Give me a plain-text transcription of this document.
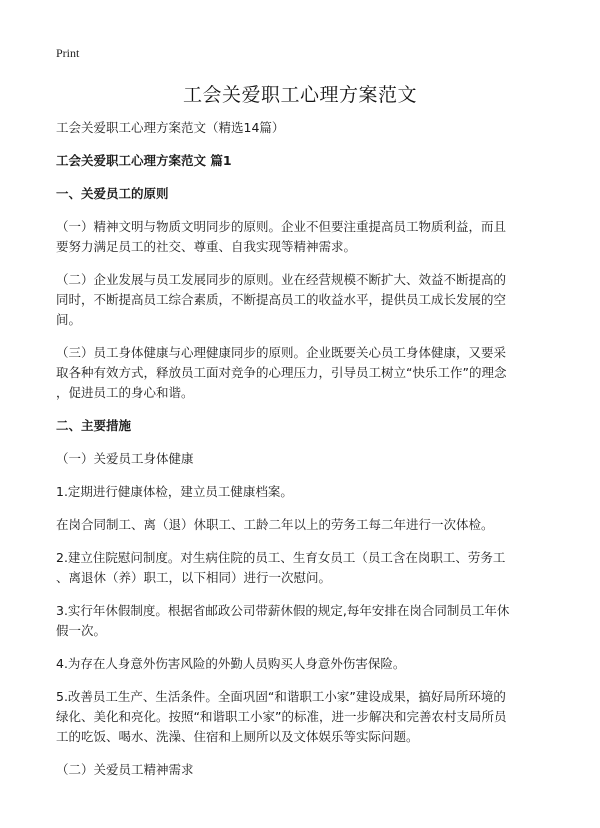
Print
工会关爱职工心理方案范文
工会关爱职工心理方案范文（精选14篇）
工会关爱职工心理方案范文 篇1
一、关爱员工的原则
（一）精神文明与物质文明同步的原则。企业不但要注重提高员工物质利益，而且
要努力满足员工的社交、尊重、自我实现等精神需求。
（二）企业发展与员工发展同步的原则。业在经营规模不断扩大、效益不断提高的
同时，不断提高员工综合素质，不断提高员工的收益水平，提供员工成长发展的空
间。
（三）员工身体健康与心理健康同步的原则。企业既要关心员工身体健康，又要采
取各种有效方式，释放员工面对竞争的心理压力，引导员工树立“快乐工作”的理念
，促进员工的身心和谐。
二、主要措施
（一）关爱员工身体健康
1.定期进行健康体检，建立员工健康档案。
在岗合同制工、离（退）休职工、工龄二年以上的劳务工每二年进行一次体检。
2.建立住院慰问制度。对生病住院的员工、生育女员工（员工含在岗职工、劳务工
、离退休（养）职工，以下相同）进行一次慰问。
3.实行年休假制度。根据省邮政公司带薪休假的规定,每年安排在岗合同制员工年休
假一次。
4.为存在人身意外伤害风险的外勤人员购买人身意外伤害保险。
5.改善员工生产、生活条件。全面巩固“和谐职工小家”建设成果，搞好局所环境的
绿化、美化和亮化。按照“和谐职工小家”的标准，进一步解决和完善农村支局所员
工的吃饭、喝水、洗澡、住宿和上厕所以及文体娱乐等实际问题。
（二）关爱员工精神需求
